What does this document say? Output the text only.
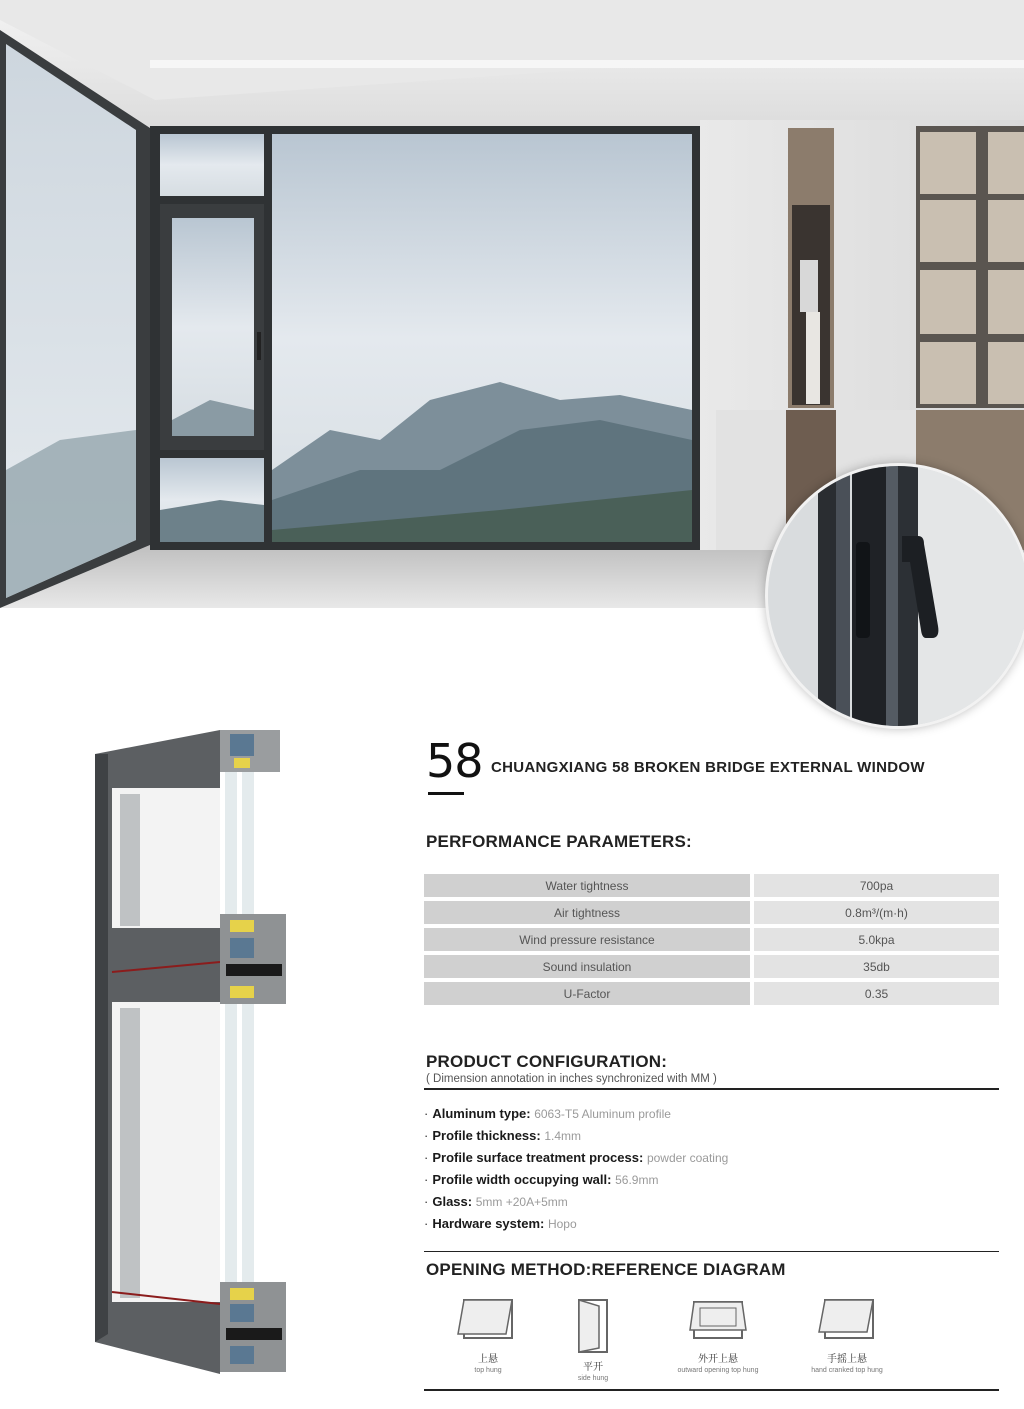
58 CHUANGXIANG 58 BROKEN BRIDGE EXTERNAL WINDOW
PERFORMANCE PARAMETERS:
Water tightness	700pa
Air tightness	0.8m³/(m·h)
Wind pressure resistance	5.0kpa
Sound insulation	35db
U-Factor	0.35
PRODUCT CONFIGURATION:
( Dimension annotation in inches synchronized with MM )
· Aluminum type: 6063-T5 Aluminum profile
· Profile thickness: 1.4mm
· Profile surface treatment process: powder coating
· Profile width occupying wall: 56.9mm
· Glass: 5mm +20A+5mm
· Hardware system: Hopo
OPENING METHOD:REFERENCE DIAGRAM
上悬
top hung	平开
side hung
外开上悬
outward opening top hung
手摇上悬
hand cranked top hung
